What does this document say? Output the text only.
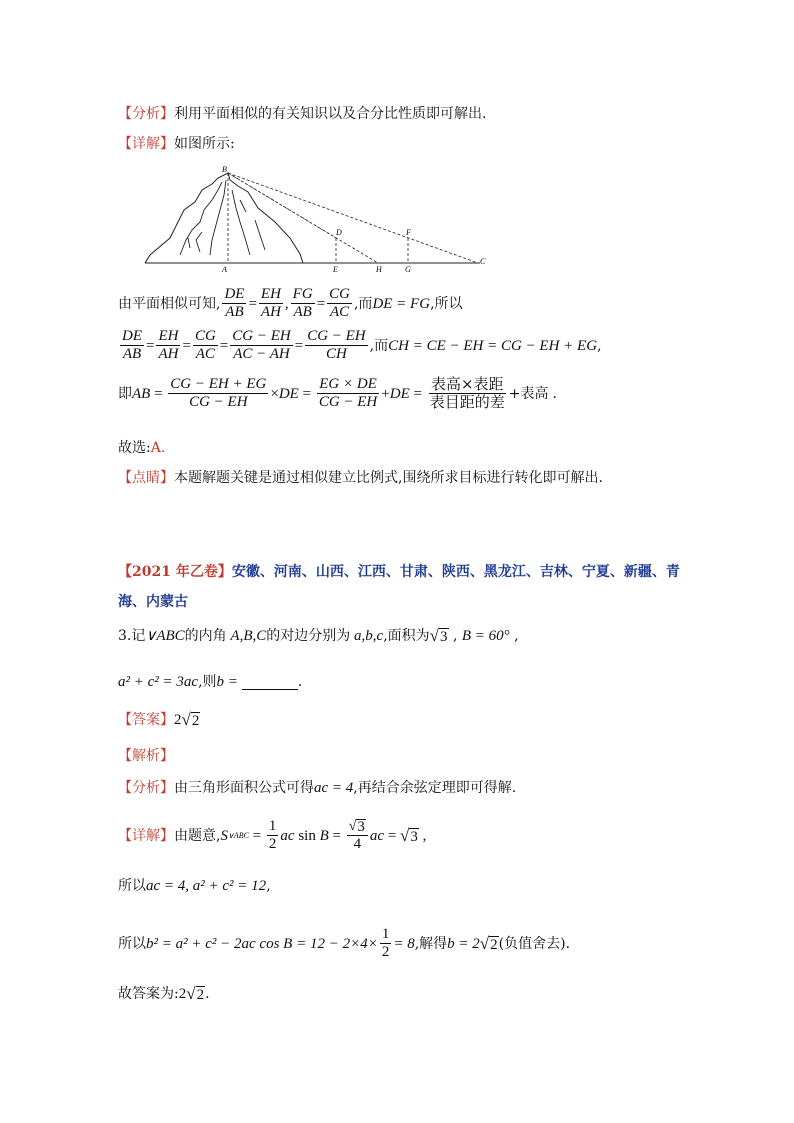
【分析】利用平面相似的有关知识以及合分比性质即可解出.
【详解】如图所示:
B
D	F
A	E	H	G
C
由平面相似可知, $\frac{DE}{AB} = \frac{EH}{AH}$ , $\frac{FG}{AB} = \frac{CG}{AC}$ ,而 DE = FG ,所以
$\frac{DE}{AB} = \frac{EH}{AH} = \frac{CG}{AC} = \frac{CG - EH}{AC - AH} = \frac{CG - EH}{CH}$ ,而 CH = CE − EH = CG − EH + EG ,
即 AB = $\frac{CG - EH + EG}{CG - EH}$ × DE = $\frac{EG \times DE}{CG - EH}$ + DE = $\frac{\text{表高×表距}}{\text{表目距的差}}$ +表高 .
故选:A.
【点睛】本题解题关键是通过相似建立比例式,围绕所求目标进行转化即可解出.
【2021 年乙卷】安徽、河南、山西、江西、甘肃、陕西、黑龙江、吉林、宁夏、新疆、青
海、内蒙古
3. 记 ∨ABC 的内角 A,B,C 的对边分别为 a,b,c ,面积为 √ 3 , B = 60° ,
a² + c² = 3ac ,则 b =	.
【答案】 2 √ 2
【解析】
【分析】 由三角形面积公式可得 ac = 4 ,再结合余弦定理即可得解.
【详解】 由题意, S ∨ABC = $\frac{1}{2}$ ac $\sin B = \frac{√ 3}{4}$ ac = √ 3 ,
所以 ac = 4, a² + c² = 12 ,
所以 b² = a² + c² − 2ac $\cos B = 12 - 2\times 4\times \frac{1}{2} = 8$ ,解得 b = 2 √ 2 (负值舍去) .
故答案为: 2 √ 2 .
